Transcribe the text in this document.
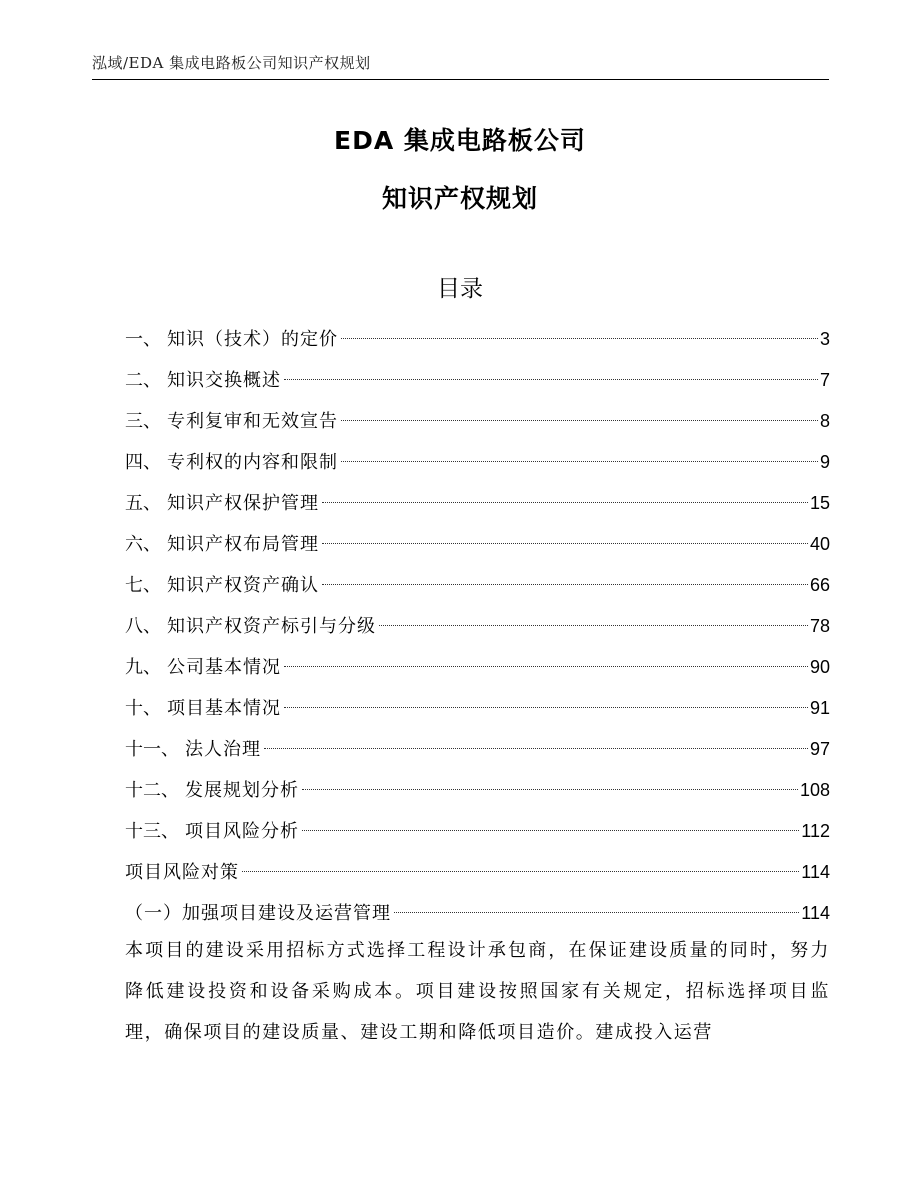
泓域/EDA 集成电路板公司知识产权规划
EDA 集成电路板公司
知识产权规划
目录
一、 知识（技术）的定价	3
二、 知识交换概述	7
三、 专利复审和无效宣告	8
四、 专利权的内容和限制	9
五、 知识产权保护管理	15
六、 知识产权布局管理	40
七、 知识产权资产确认	66
八、 知识产权资产标引与分级	78
九、 公司基本情况	90
十、 项目基本情况	91
十一、 法人治理	97
十二、 发展规划分析	108
十三、 项目风险分析	112
项目风险对策	114
（一）加强项目建设及运营管理	114

本项目的建设采用招标方式选择工程设计承包商，在保证建设质量的同时，努力降低建设投资和设备采购成本。项目建设按照国家有关规定，招标选择项目监理，确保项目的建设质量、建设工期和降低项目造价。建成投入运营
